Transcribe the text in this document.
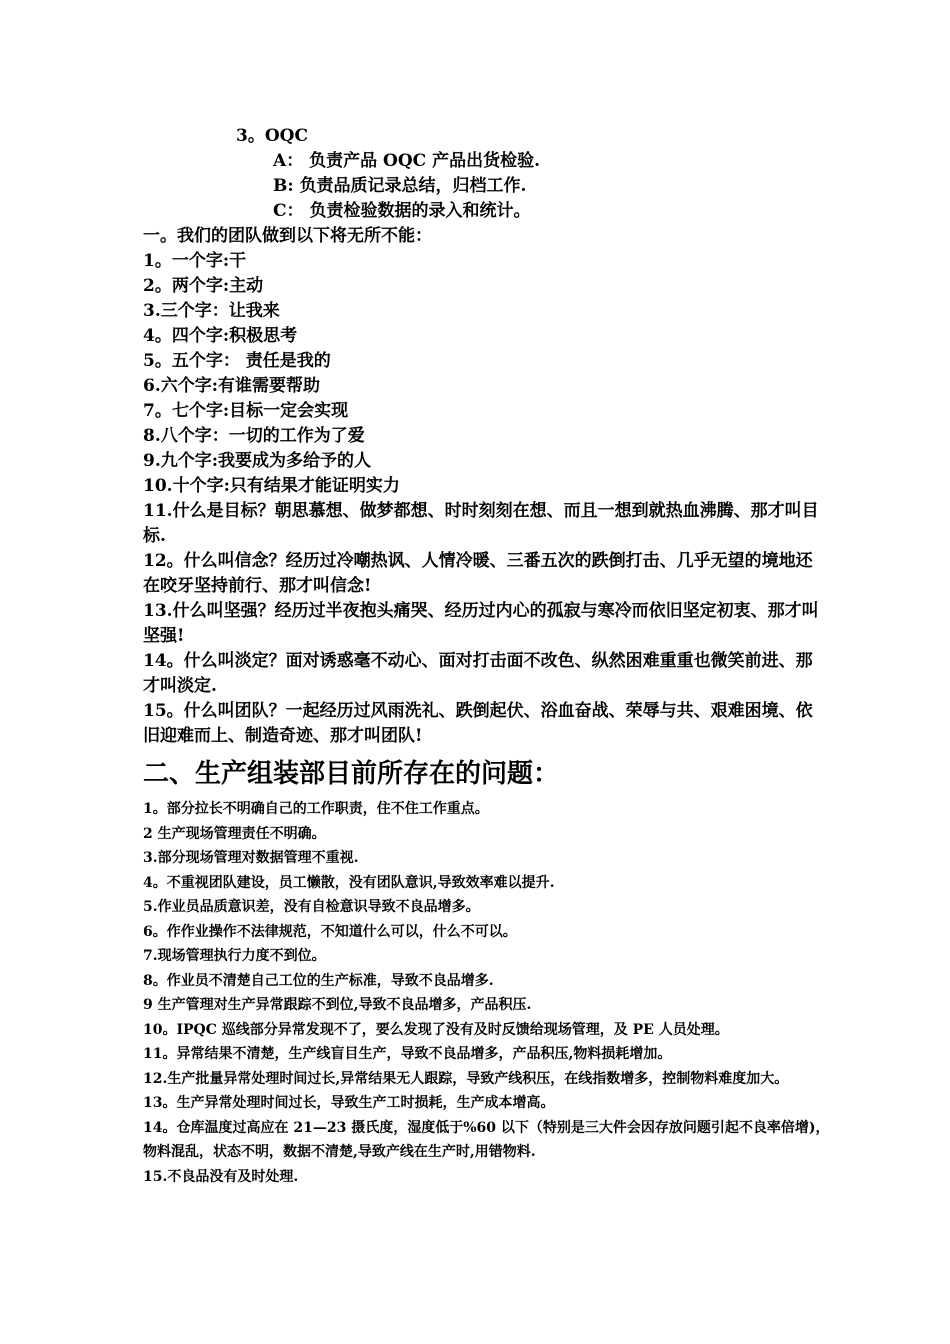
3。OQC
A： 负责产品 OQC 产品出货检验.
B: 负责品质记录总结，归档工作.
C： 负责检验数据的录入和统计。

一。我们的团队做到以下将无所不能：

1。一个字:干

2。两个字:主动

3.三个字：让我来

4。四个字:积极思考

5。五个字： 责任是我的

6.六个字:有谁需要帮助

7。七个字:目标一定会实现

8.八个字：一切的工作为了爱

9.九个字:我要成为多给予的人

10.十个字:只有结果才能证明实力

11.什么是目标？朝思慕想、做梦都想、时时刻刻在想、而且一想到就热血沸腾、那才叫目标.

12。什么叫信念？经历过冷嘲热讽、人情冷暖、三番五次的跌倒打击、几乎无望的境地还在咬牙坚持前行、那才叫信念!

13.什么叫坚强？经历过半夜抱头痛哭、经历过内心的孤寂与寒冷而依旧坚定初衷、那才叫坚强!

14。什么叫淡定？面对诱惑毫不动心、面对打击面不改色、纵然困难重重也微笑前进、那才叫淡定.

15。什么叫团队？一起经历过风雨洗礼、跌倒起伏、浴血奋战、荣辱与共、艰难困境、依旧迎难而上、制造奇迹、那才叫团队!

二、生产组装部目前所存在的问题：
1。部分拉长不明确自己的工作职责，住不住工作重点。
2 生产现场管理责任不明确。
3.部分现场管理对数据管理不重视.
4。不重视团队建设，员工懒散，没有团队意识,导致效率难以提升.
5.作业员品质意识差，没有自检意识导致不良品增多。
6。作作业操作不法律规范，不知道什么可以，什么不可以。
7.现场管理执行力度不到位。
8。作业员不清楚自己工位的生产标准，导致不良品增多.
9 生产管理对生产异常跟踪不到位,导致不良品增多，产品积压.
10。IPQC 巡线部分异常发现不了，要么发现了没有及时反馈给现场管理，及 PE 人员处理。
11。异常结果不清楚，生产线盲目生产，导致不良品增多，产品积压,物料损耗增加。
12.生产批量异常处理时间过长,异常结果无人跟踪，导致产线积压，在线指数增多，控制物料难度加大。
13。生产异常处理时间过长，导致生产工时损耗，生产成本增高。
14。仓库温度过高应在 21—23 摄氏度，湿度低于%60 以下（特别是三大件会因存放问题引起不良率倍增)，物料混乱，状态不明，数据不清楚,导致产线在生产时,用错物料.
15.不良品没有及时处理.
